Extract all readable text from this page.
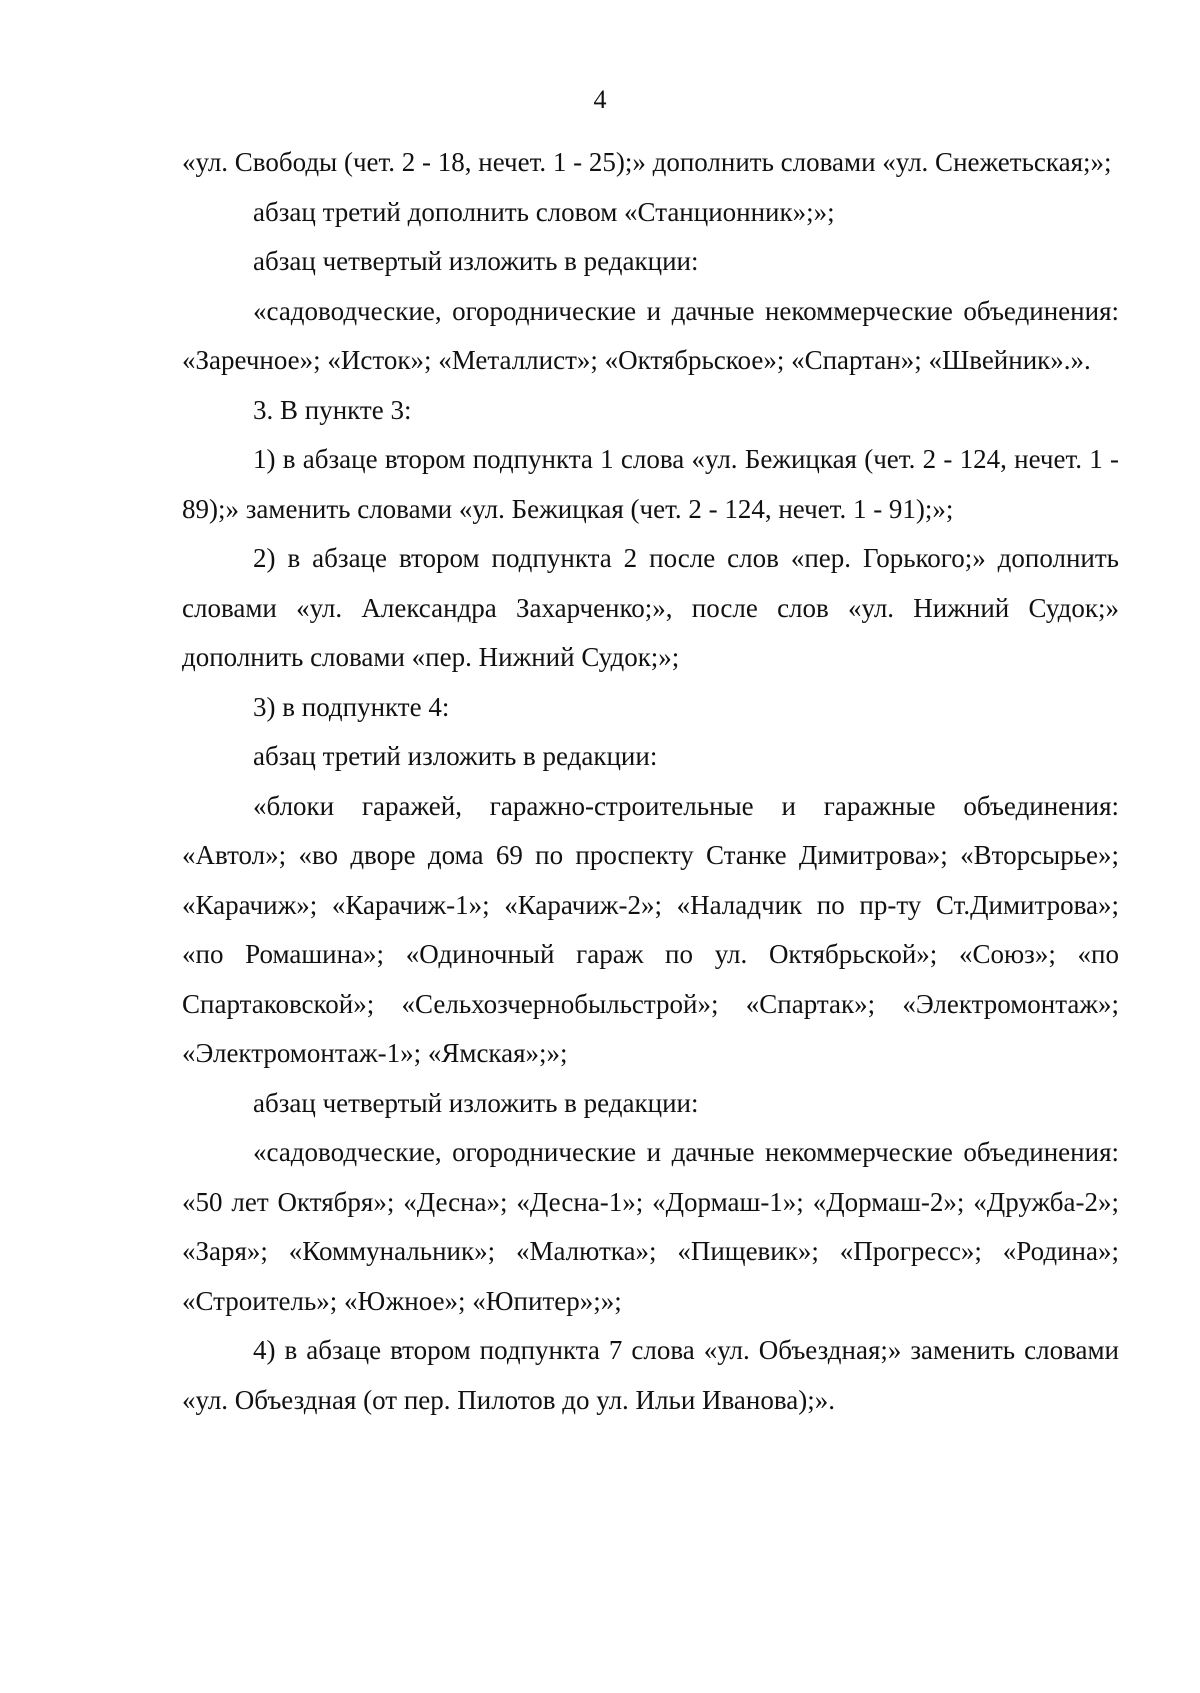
4

«ул. Свободы (чет. 2 - 18, нечет. 1 - 25);» дополнить словами «ул. Снежетьская;»;

абзац третий дополнить словом «Станционник»;»;

абзац четвертый изложить в редакции:

«садоводческие, огороднические и дачные некоммерческие объединения: «Заречное»; «Исток»; «Металлист»; «Октябрьское»; «Спартан»; «Швейник».».

3. В пункте 3:

1) в абзаце втором подпункта 1 слова «ул. Бежицкая (чет. 2 - 124, нечет. 1 - 89);» заменить словами «ул. Бежицкая (чет. 2 - 124, нечет. 1 - 91);»;

2) в абзаце втором подпункта 2 после слов «пер. Горького;» дополнить словами «ул. Александра Захарченко;», после слов «ул. Нижний Судок;» дополнить словами «пер. Нижний Судок;»;

3) в подпункте 4:

абзац третий изложить в редакции:

«блоки гаражей, гаражно-строительные и гаражные объединения: «Автол»; «во дворе дома 69 по проспекту Станке Димитрова»; «Вторсырье»; «Карачиж»; «Карачиж-1»; «Карачиж-2»; «Наладчик по пр-ту Ст.Димитрова»; «по Ромашина»; «Одиночный гараж по ул. Октябрьской»; «Союз»; «по Спартаковской»; «Сельхозчернобыльстрой»; «Спартак»; «Электромонтаж»; «Электромонтаж-1»; «Ямская»;»;

абзац четвертый изложить в редакции:

«садоводческие, огороднические и дачные некоммерческие объединения: «50 лет Октября»; «Десна»; «Десна-1»; «Дормаш-1»; «Дормаш-2»; «Дружба-2»; «Заря»; «Коммунальник»; «Малютка»; «Пищевик»; «Прогресс»; «Родина»; «Строитель»; «Южное»; «Юпитер»;»;

4) в абзаце втором подпункта 7 слова «ул. Объездная;» заменить словами «ул. Объездная (от пер. Пилотов до ул. Ильи Иванова);».
